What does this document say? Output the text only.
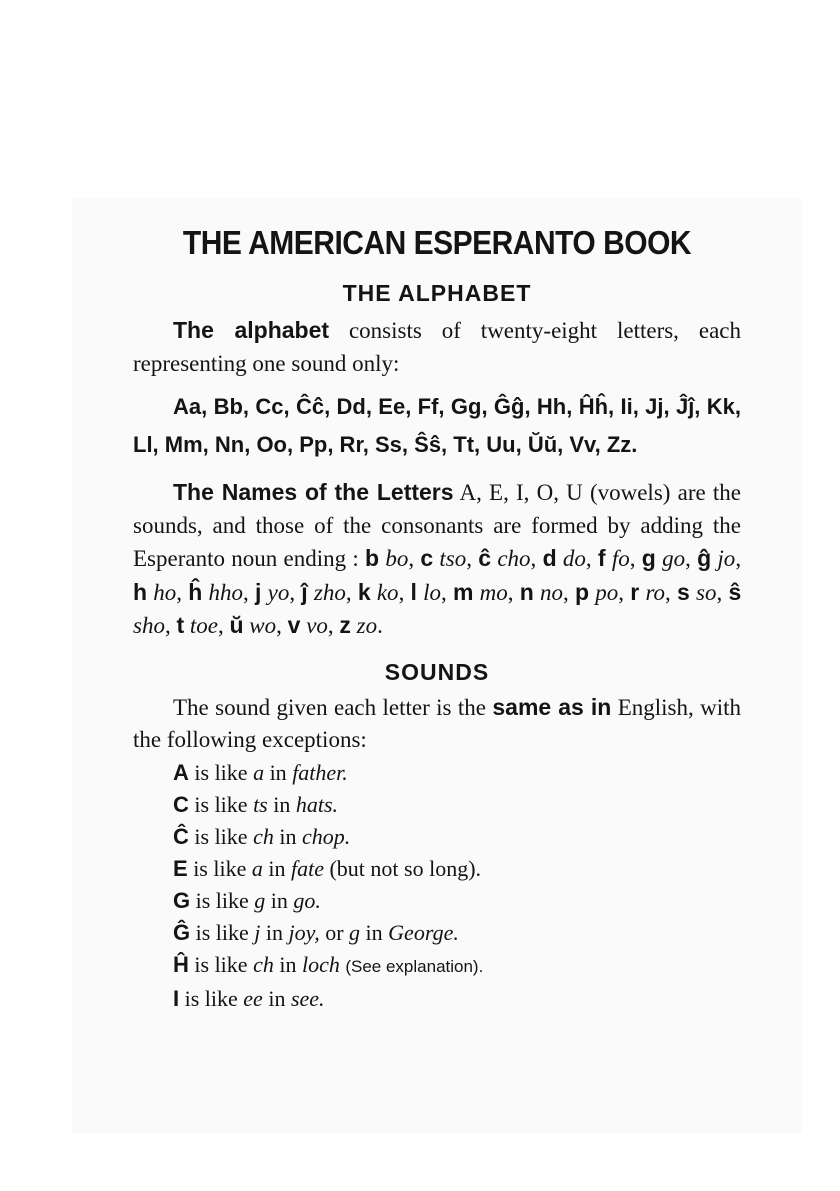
THE AMERICAN ESPERANTO BOOK
THE ALPHABET

The alphabet consists of twenty-eight letters, each representing one sound only:

Aa, Bb, Cc, Ĉĉ, Dd, Ee, Ff, Gg, Ĝĝ, Hh, Ĥĥ, Ii, Jj, Ĵĵ, Kk, Ll, Mm, Nn, Oo, Pp, Rr, Ss, Ŝŝ, Tt, Uu, Ŭŭ, Vv, Zz.

The Names of the Letters A, E, I, O, U (vowels) are the sounds, and those of the consonants are formed by adding the Esperanto noun ending : b bo, c tso, ĉ cho, d do, f fo, g go, ĝ jo, h ho, ĥ hho, j yo, ĵ zho, k ko, l lo, m mo, n no, p po, r ro, s so, ŝ sho, t toe, ŭ wo, v vo, z zo.

SOUNDS

The sound given each letter is the same as in English, with the following exceptions:

A is like a in father.
C is like ts in hats.
Ĉ is like ch in chop.
E is like a in fate (but not so long).
G is like g in go.
Ĝ is like j in joy, or g in George.
Ĥ is like ch in loch (See explanation).
I is like ee in see.
